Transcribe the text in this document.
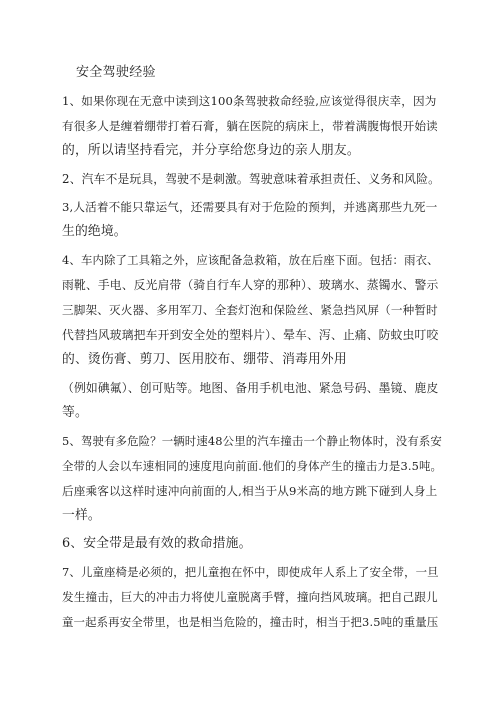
安全驾驶经验
1、如果你现在无意中读到这100条驾驶救命经验,应该觉得很庆幸，因为
有很多人是缠着绷带打着石膏，躺在医院的病床上，带着满腹悔恨开始读
的，所以请坚持看完，并分享给您身边的亲人朋友。
2、汽车不是玩具，驾驶不是刺激。驾驶意味着承担责任、义务和风险。
3,人活着不能只靠运气，还需要具有对于危险的预判，并逃离那些九死一
生的绝境。
4、车内除了工具箱之外，应该配备急救箱，放在后座下面。包括：雨衣、
雨靴、手电、反光肩带（骑自行车人穿的那种）、玻璃水、蒸镯水、警示
三脚架、灭火器、多用军刀、全套灯泡和保险丝、紧急挡风屏（一种暂时
代替挡风玻璃把车开到安全处的塑料片）、晕车、泻、止痛、防蚊虫叮咬
的、烫伤膏、剪刀、医用胶布、绷带、消毒用外用
（例如碘氟）、创可贴等。地图、备用手机电池、紧急号码、墨镜、鹿皮
等。
5、驾驶有多危险？一辆时速48公里的汽车撞击一个静止物体时，没有系安
全带的人会以车速相同的速度甩向前面.他们的身体产生的撞击力是3.5吨。
后座乘客以这样时速冲向前面的人,相当于从9米高的地方跳下碰到人身上
一样。
6、安全带是最有效的救命措施。
7、儿童座椅是必须的，把儿童抱在怀中，即使成年人系上了安全带，一旦
发生撞击，巨大的冲击力将使儿童脱离手臂，撞向挡风玻璃。把自己跟儿
童一起系再安全带里，也是相当危险的，撞击时，相当于把3.5吨的重量压
